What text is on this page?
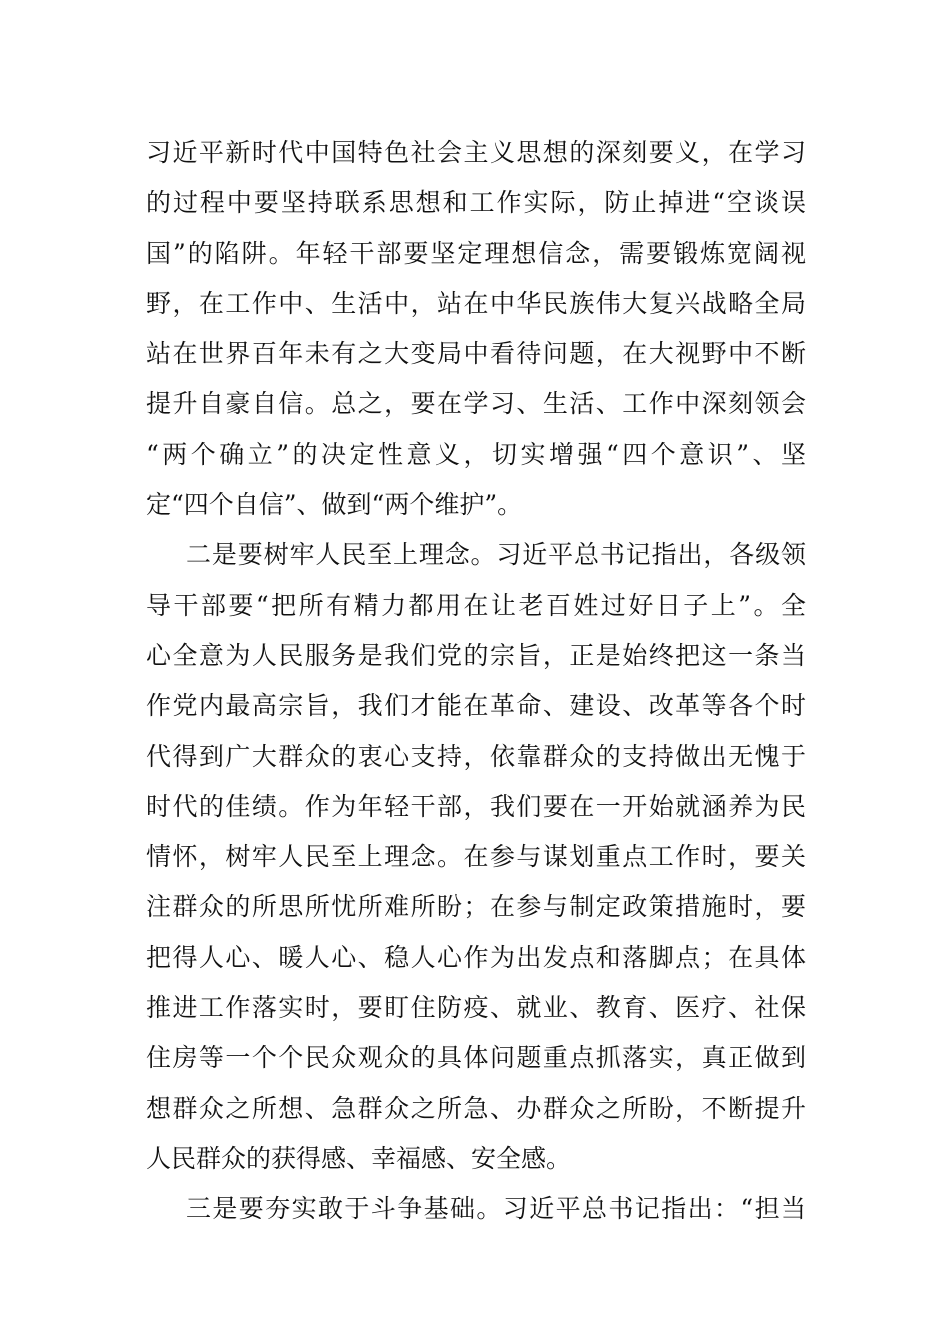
习近平新时代中国特色社会主义思想的深刻要义，在学习
的过程中要坚持联系思想和工作实际，防止掉进“空谈误
国”的陷阱。年轻干部要坚定理想信念，需要锻炼宽阔视
野，在工作中、生活中，站在中华民族伟大复兴战略全局
站在世界百年未有之大变局中看待问题，在大视野中不断
提升自豪自信。总之，要在学习、生活、工作中深刻领会
“两个确立”的决定性意义，切实增强“四个意识”、坚
定“四个自信”、做到“两个维护”。
二是要树牢人民至上理念。习近平总书记指出，各级领
导干部要“把所有精力都用在让老百姓过好日子上”。全
心全意为人民服务是我们党的宗旨，正是始终把这一条当
作党内最高宗旨，我们才能在革命、建设、改革等各个时
代得到广大群众的衷心支持，依靠群众的支持做出无愧于
时代的佳绩。作为年轻干部，我们要在一开始就涵养为民
情怀，树牢人民至上理念。在参与谋划重点工作时，要关
注群众的所思所忧所难所盼；在参与制定政策措施时，要
把得人心、暖人心、稳人心作为出发点和落脚点；在具体
推进工作落实时，要盯住防疫、就业、教育、医疗、社保
住房等一个个民众观众的具体问题重点抓落实，真正做到
想群众之所想、急群众之所急、办群众之所盼，不断提升
人民群众的获得感、幸福感、安全感。
三是要夯实敢于斗争基础。习近平总书记指出：“担当
